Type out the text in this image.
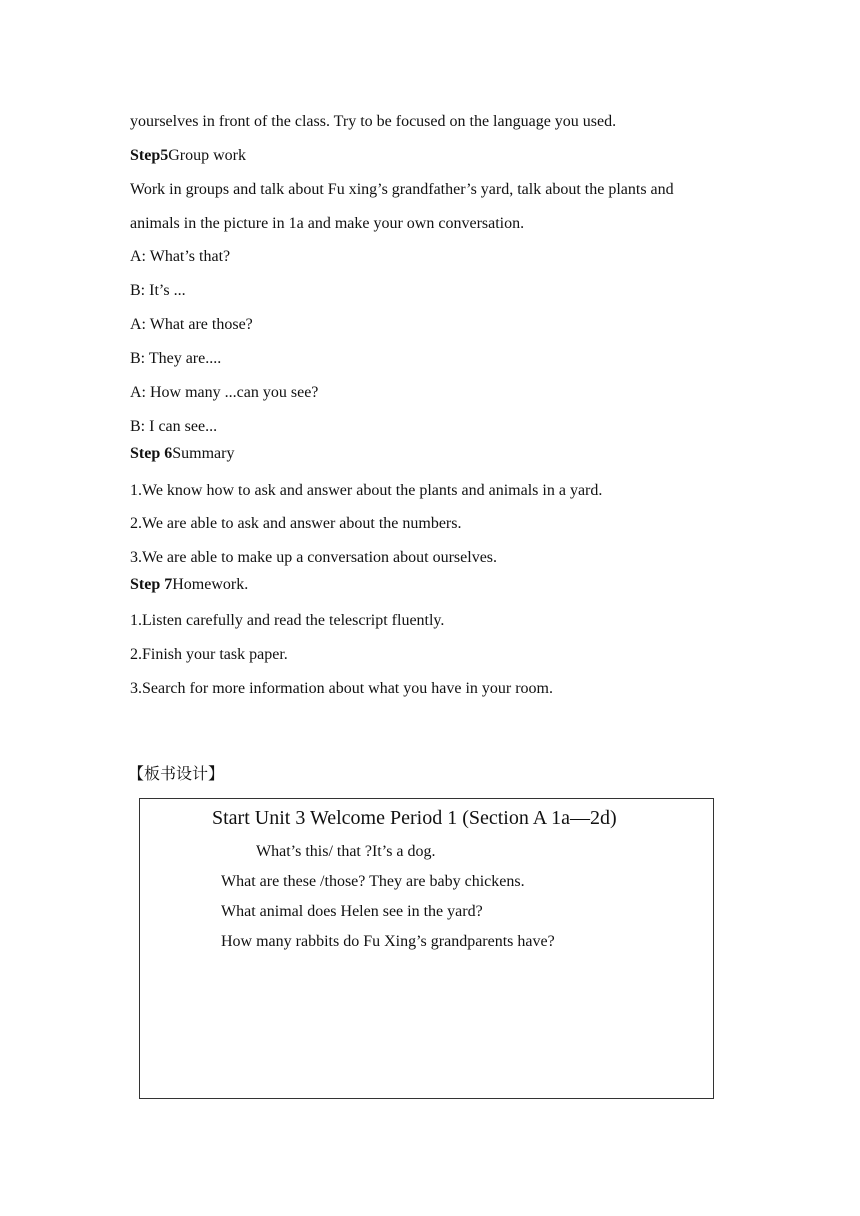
yourselves in front of the class. Try to be focused on the language you used.
Step5Group work
Work in groups and talk about Fu xing’s grandfather’s yard, talk about the plants and
animals in the picture in 1a and make your own conversation.
A: What’s that?
B: It’s ...
A: What are those?
B: They are....
A: How many ...can you see?
B: I can see...
Step 6Summary
1.We know how to ask and answer about the plants and animals in a yard.
2.We are able to ask and answer about the numbers.
3.We are able to make up a conversation about ourselves.
Step 7Homework.
1.Listen carefully and read the telescript fluently.
2.Finish your task paper.
3.Search for more information about what you have in your room.
【板书设计】
Start Unit 3 Welcome Period 1 (Section A 1a—2d)
What’s this/ that ?It’s a dog.
What are these /those? They are baby chickens.
What animal does Helen see in the yard?
How many rabbits do Fu Xing’s grandparents have?
